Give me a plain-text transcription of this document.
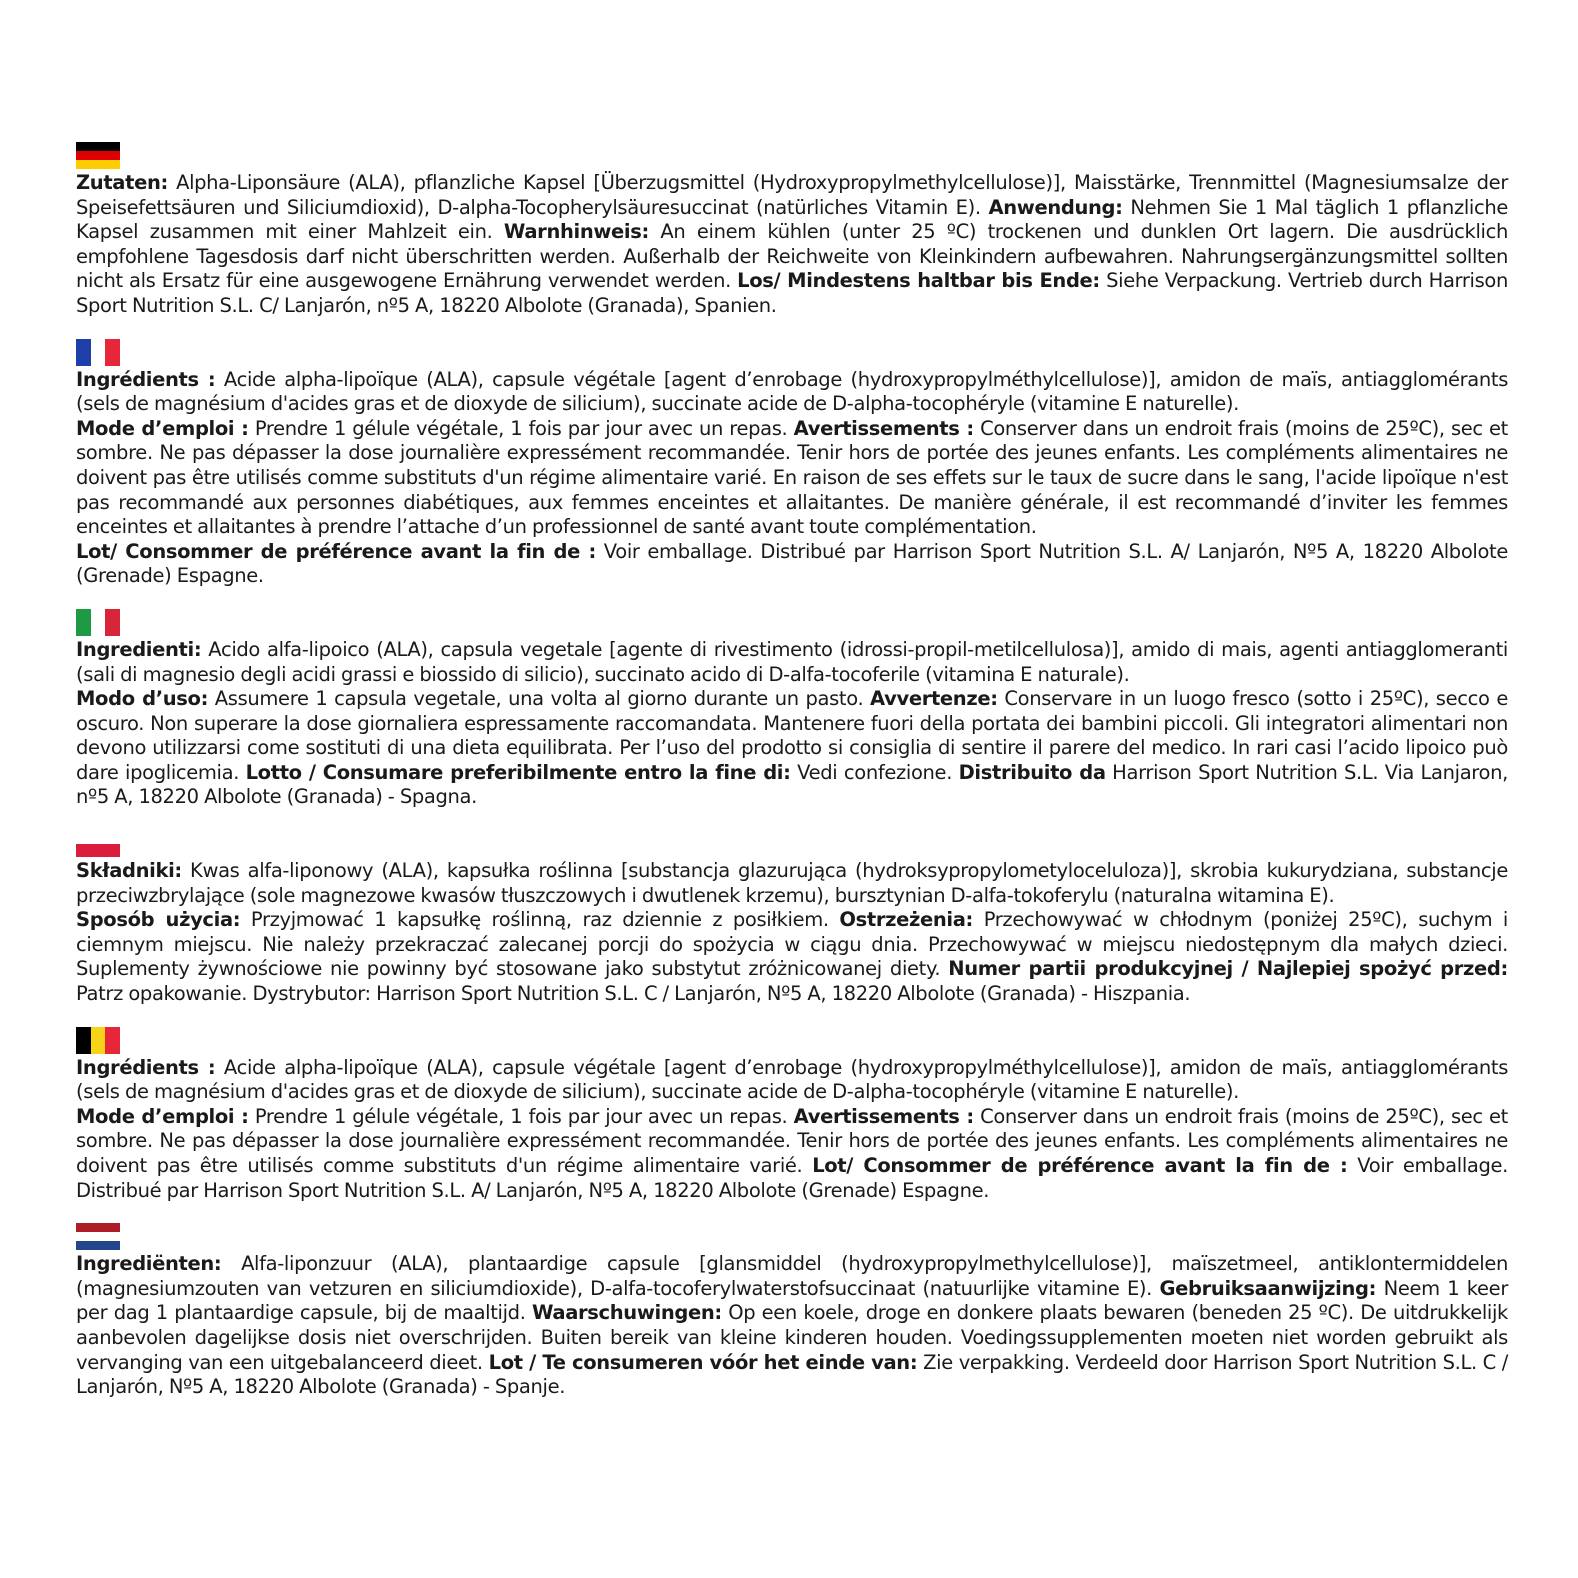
Zutaten: Alpha-Liponsäure (ALA), pflanzliche Kapsel [Überzugsmittel (Hydroxypropylmethylcellulose)], Maisstärke, Trennmittel (Magnesiumsalze der Speisefettsäuren und Siliciumdioxid), D-alpha-Tocopherylsäuresuccinat (natürliches Vitamin E). Anwendung: Nehmen Sie 1 Mal täglich 1 pflanzliche Kapsel zusammen mit einer Mahlzeit ein. Warnhinweis: An einem kühlen (unter 25 ºC) trockenen und dunklen Ort lagern. Die ausdrücklich empfohlene Tagesdosis darf nicht überschritten werden. Außerhalb der Reichweite von Kleinkindern aufbewahren. Nahrungsergänzungsmittel sollten nicht als Ersatz für eine ausgewogene Ernährung verwendet werden. Los/ Mindestens haltbar bis Ende: Siehe Verpackung. Vertrieb durch Harrison Sport Nutrition S.L. C/ Lanjarón, nº5 A, 18220 Albolote (Granada), Spanien.

Ingrédients : Acide alpha-lipoïque (ALA), capsule végétale [agent d’enrobage (hydroxypropylméthylcellulose)], amidon de maïs, antiagglomérants (sels de magnésium d'acides gras et de dioxyde de silicium), succinate acide de D-alpha-tocophéryle (vitamine E naturelle).

Mode d’emploi : Prendre 1 gélule végétale, 1 fois par jour avec un repas. Avertissements : Conserver dans un endroit frais (moins de 25ºC), sec et sombre. Ne pas dépasser la dose journalière expressément recommandée. Tenir hors de portée des jeunes enfants. Les compléments alimentaires ne doivent pas être utilisés comme substituts d'un régime alimentaire varié. En raison de ses effets sur le taux de sucre dans le sang, l'acide lipoïque n'est pas recommandé aux personnes diabétiques, aux femmes enceintes et allaitantes. De manière générale, il est recommandé d’inviter les femmes enceintes et allaitantes à prendre l’attache d’un professionnel de santé avant toute complémentation.

Lot/ Consommer de préférence avant la fin de : Voir emballage. Distribué par Harrison Sport Nutrition S.L. A/ Lanjarón, Nº5 A, 18220 Albolote (Grenade) Espagne.

Ingredienti: Acido alfa-lipoico (ALA), capsula vegetale [agente di rivestimento (idrossi-propil-metilcellulosa)], amido di mais, agenti antiagglomeranti (sali di magnesio degli acidi grassi e biossido di silicio), succinato acido di D-alfa-tocoferile (vitamina E naturale).

Modo d’uso: Assumere 1 capsula vegetale, una volta al giorno durante un pasto. Avvertenze: Conservare in un luogo fresco (sotto i 25ºC), secco e oscuro. Non superare la dose giornaliera espressamente raccomandata. Mantenere fuori della portata dei bambini piccoli. Gli integratori alimentari non devono utilizzarsi come sostituti di una dieta equilibrata. Per l’uso del prodotto si consiglia di sentire il parere del medico. In rari casi l’acido lipoico può dare ipoglicemia. Lotto / Consumare preferibilmente entro la fine di: Vedi confezione. Distribuito da Harrison Sport Nutrition S.L. Via Lanjaron, nº5 A, 18220 Albolote (Granada) - Spagna.

Składniki: Kwas alfa-liponowy (ALA), kapsułka roślinna [substancja glazurująca (hydroksypropylometyloceluloza)], skrobia kukurydziana, substancje przeciwzbrylające (sole magnezowe kwasów tłuszczowych i dwutlenek krzemu), bursztynian D-alfa-tokoferylu (naturalna witamina E).

Sposób użycia: Przyjmować 1 kapsułkę roślinną, raz dziennie z posiłkiem. Ostrzeżenia: Przechowywać w chłodnym (poniżej 25ºC), suchym i ciemnym miejscu. Nie należy przekraczać zalecanej porcji do spożycia w ciągu dnia. Przechowywać w miejscu niedostępnym dla małych dzieci. Suplementy żywnościowe nie powinny być stosowane jako substytut zróżnicowanej diety. Numer partii produkcyjnej / Najlepiej spożyć przed: Patrz opakowanie. Dystrybutor: Harrison Sport Nutrition S.L. C / Lanjarón, Nº5 A, 18220 Albolote (Granada) - Hiszpania.

Ingrédients : Acide alpha-lipoïque (ALA), capsule végétale [agent d’enrobage (hydroxypropylméthylcellulose)], amidon de maïs, antiagglomérants (sels de magnésium d'acides gras et de dioxyde de silicium), succinate acide de D-alpha-tocophéryle (vitamine E naturelle).

Mode d’emploi : Prendre 1 gélule végétale, 1 fois par jour avec un repas. Avertissements : Conserver dans un endroit frais (moins de 25ºC), sec et sombre. Ne pas dépasser la dose journalière expressément recommandée. Tenir hors de portée des jeunes enfants. Les compléments alimentaires ne doivent pas être utilisés comme substituts d'un régime alimentaire varié. Lot/ Consommer de préférence avant la fin de : Voir emballage. Distribué par Harrison Sport Nutrition S.L. A/ Lanjarón, Nº5 A, 18220 Albolote (Grenade) Espagne.

Ingrediënten: Alfa-liponzuur (ALA), plantaardige capsule [glansmiddel (hydroxypropylmethylcellulose)], maïszetmeel, antiklontermiddelen (magnesiumzouten van vetzuren en siliciumdioxide), D-alfa-tocoferylwaterstofsuccinaat (natuurlijke vitamine E). Gebruiksaanwijzing: Neem 1 keer per dag 1 plantaardige capsule, bij de maaltijd. Waarschuwingen: Op een koele, droge en donkere plaats bewaren (beneden 25 ºC). De uitdrukkelijk aanbevolen dagelijkse dosis niet overschrijden. Buiten bereik van kleine kinderen houden. Voedingssupplementen moeten niet worden gebruikt als vervanging van een uitgebalanceerd dieet. Lot / Te consumeren vóór het einde van: Zie verpakking. Verdeeld door Harrison Sport Nutrition S.L. C / Lanjarón, Nº5 A, 18220 Albolote (Granada) - Spanje.
